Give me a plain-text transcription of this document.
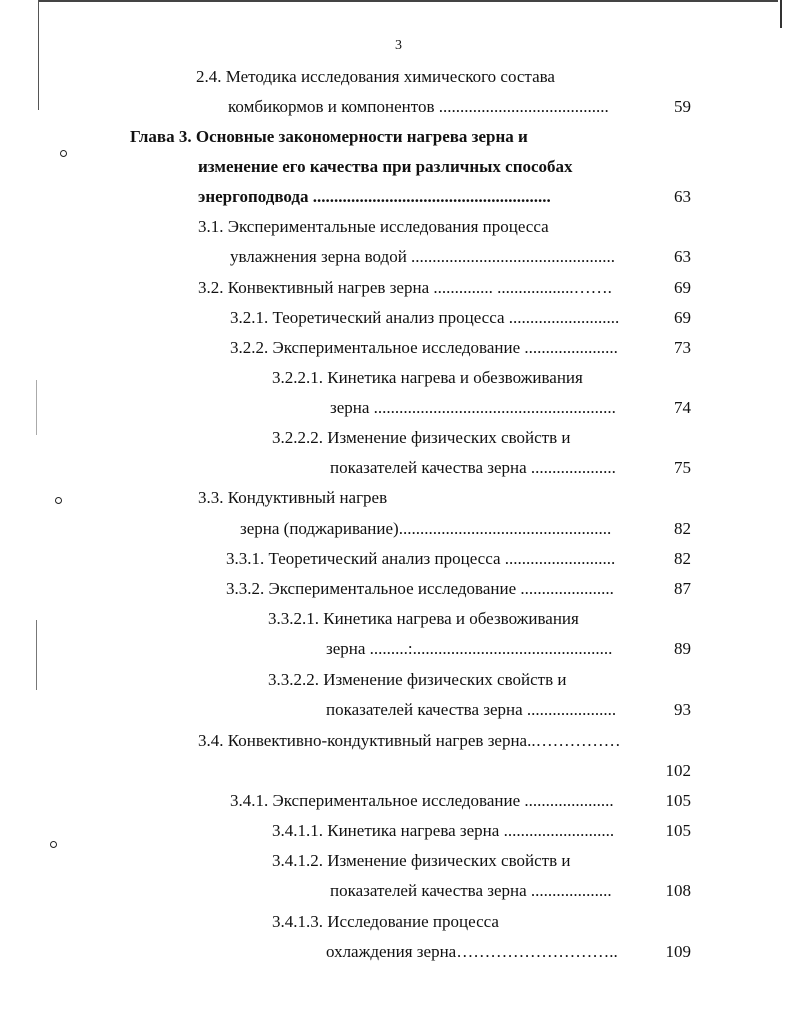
3
2.4. Методика исследования химического состава
комбикормов и компонентов ........................................	59
Глава 3. Основные закономерности нагрева зерна и
изменение его качества при различных способах
энергоподвода ........................................................	63
3.1. Экспериментальные исследования процесса
увлажнения зерна водой ................................................	63
3.2. Конвективный нагрев зерна .............. ..................…….	69
3.2.1. Теоретический анализ процесса ..........................	69
3.2.2. Экспериментальное исследование ......................	73
3.2.2.1. Кинетика нагрева и обезвоживания
зерна .........................................................	74
3.2.2.2. Изменение физических свойств и
показателей качества зерна ....................	75
3.3. Кондуктивный нагрев
зерна (поджаривание)..................................................	82
3.3.1. Теоретический анализ процесса ..........................	82
3.3.2. Экспериментальное исследование ......................	87
3.3.2.1. Кинетика нагрева и обезвоживания
зерна .........:...............................................	89
3.3.2.2. Изменение физических свойств и
показателей качества зерна .....................	93
3.4. Конвективно-кондуктивный нагрев зерна..……………
102
3.4.1. Экспериментальное исследование .....................	105
3.4.1.1. Кинетика нагрева зерна ..........................	105
3.4.1.2. Изменение физических свойств и
показателей качества зерна ...................	108
3.4.1.3. Исследование процесса
охлаждения зерна………………………..	109
